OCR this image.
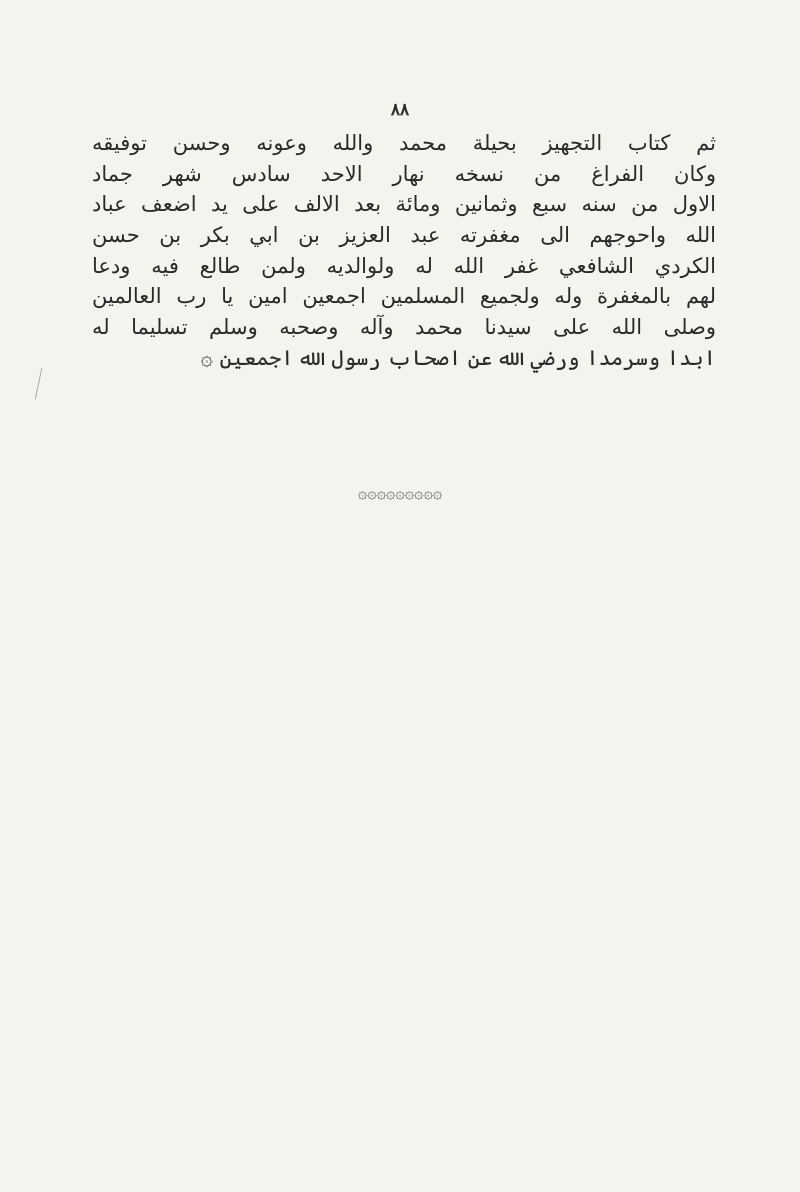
٨٨
ثم كتاب التجهيز بحيلة محمد والله وعونه وحسن توفيقه
وكان الفراغ من نسخه نهار الاحد سادس شهر جماد
الاول من سنه سبع وثمانين ومائة بعد الالف على يد اضعف عباد
الله واحوجهم الى مغفرته عبد العزيز بن ابي بكر بن حسن
الكردي الشافعي غفر الله له ولوالديه ولمن طالع فيه ودعا
لهم بالمغفرة وله ولجميع المسلمين اجمعين امين يا رب العالمين
وصلى الله على سيدنا محمد وآله وصحبه وسلم تسليما له
ابدا وسرمدا ورضي الله عن اصحاب رسول الله اجمعين ۞
۞۞۞۞۞۞۞۞۞
